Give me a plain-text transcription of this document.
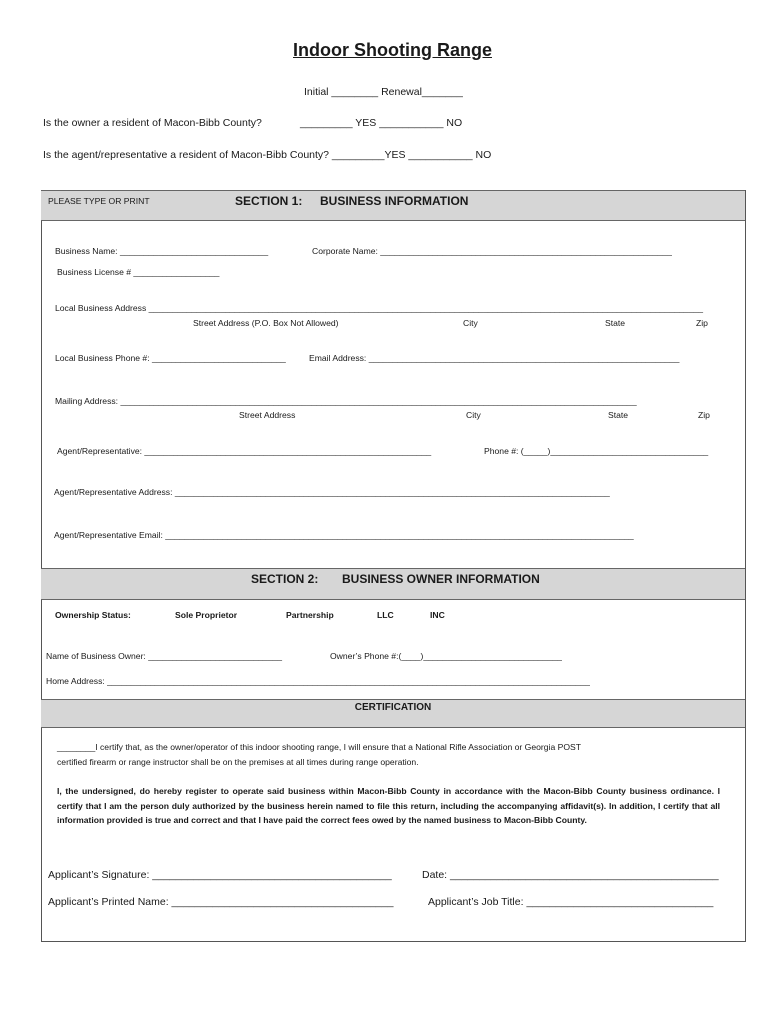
Indoor Shooting Range
Initial ________ Renewal_______
Is the owner a resident of Macon-Bibb County?	_________ YES ___________ NO
Is the agent/representative a resident of Macon-Bibb County? _________YES ___________ NO
PLEASE TYPE OR PRINT	SECTION 1: BUSINESS INFORMATION
Business Name: _______________________________	Corporate Name: _____________________________________________________________
Business License # __________________
Local Business Address ____________________________________________________________________________________________________________________
Street Address (P.O. Box Not Allowed)	City	State	Zip
Local Business Phone #: ____________________________	Email Address: _________________________________________________________________
Mailing Address: ____________________________________________________________________________________________________________
Street Address	City	State	Zip
Agent/Representative: ____________________________________________________________	Phone #: (_____)_________________________________
Agent/Representative Address: ___________________________________________________________________________________________
Agent/Representative Email: __________________________________________________________________________________________________
SECTION 2: BUSINESS OWNER INFORMATION
Ownership Status:	Sole Proprietor	Partnership	LLC	INC
Name of Business Owner: ____________________________	Owner’s Phone #:(____)_____________________________
Home Address: _____________________________________________________________________________________________________
CERTIFICATION
________I certify that, as the owner/operator of this indoor shooting range, I will ensure that a National Rifle Association or Georgia POST
certified firearm or range instructor shall be on the premises at all times during range operation.
I, the undersigned, do hereby register to operate said business within Macon-Bibb County in accordance with the Macon-Bibb County business ordinance. I certify that I am the person duly authorized by the business herein named to file this return, including the accompanying affidavit(s). In addition, I certify that all information provided is true and correct and that I have paid the correct fees owed by the named business to Macon-Bibb County.
Applicant’s Signature: _________________________________________	Date: ______________________________________________
Applicant’s Printed Name: ______________________________________	Applicant’s Job Title: ________________________________
